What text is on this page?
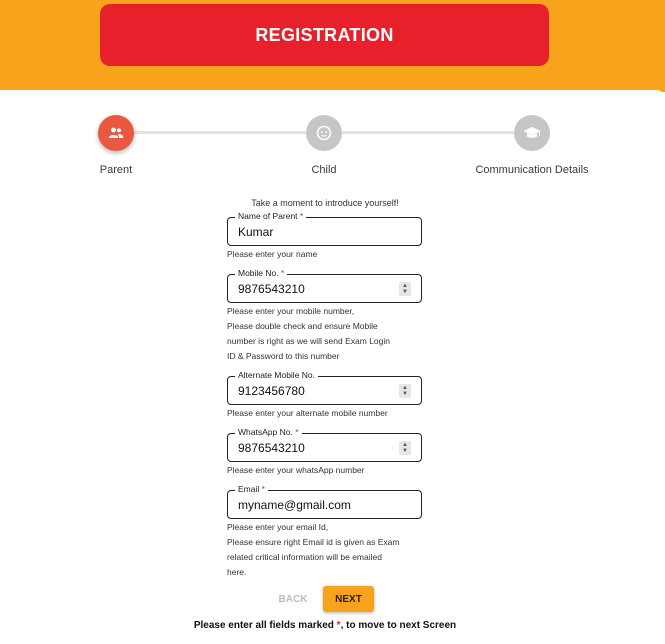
REGISTRATION
Parent	Child	Communication Details
Take a moment to introduce yourself!
Name of Parent *
Kumar
Please enter your name
Mobile No. *
9876543210	▲
▼
Please enter your mobile number,
Please double check and ensure Mobile
number is right as we will send Exam Login
ID & Password to this number
Alternate Mobile No.
9123456780	▲
▼
Please enter your alternate mobile number
WhatsApp No. *
9876543210	▲
▼
Please enter your whatsApp number
Email *
myname@gmail.com
Please enter your email Id,
Please ensure right Email id is given as Exam
related critical information will be emailed
here.
BACK	NEXT
Please enter all fields marked *, to move to next Screen
